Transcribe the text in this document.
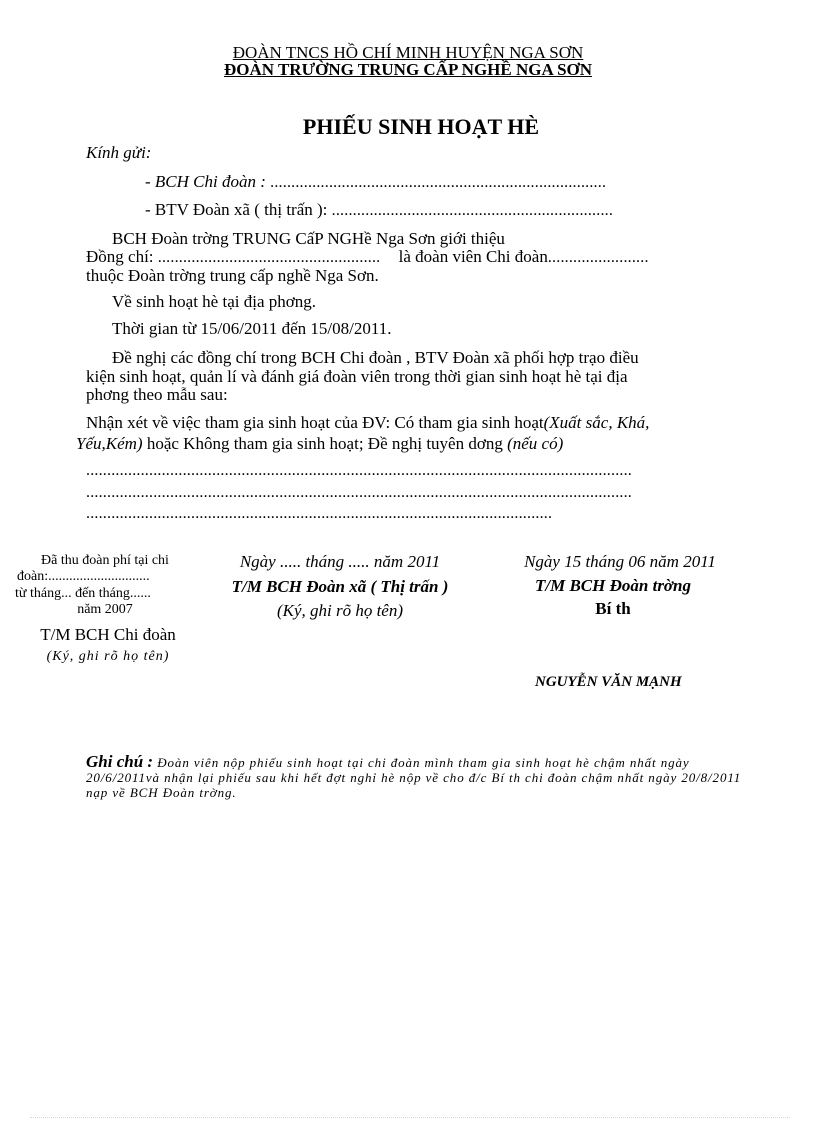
ĐOÀN TNCS HỒ CHÍ MINH HUYỆN NGA SƠN
ĐOÀN TRƯỜNG TRUNG CẤP NGHỀ NGA SƠN
PHIẾU SINH HOẠT HÈ
Kính gửi:
- BCH Chi đoàn : ................................................................................
- BTV Đoàn xã ( thị trấn ): ...................................................................
BCH Đoàn trờng TRUNG CấP NGHề Nga Sơn giới thiệu
Đồng chí: ..................................................... là đoàn viên Chi đoàn........................
thuộc Đoàn trờng trung cấp nghề Nga Sơn.
Về sinh hoạt hè tại địa phơng.
Thời gian từ 15/06/2011 đến 15/08/2011.
Đề nghị các đồng chí trong BCH Chi đoàn , BTV Đoàn xã phối hợp trạo điều
kiện sinh hoạt, quản lí và đánh giá đoàn viên trong thời gian sinh hoạt hè tại địa
phơng theo mẫu sau:
Nhận xét về việc tham gia sinh hoạt của ĐV: Có tham gia sinh hoạt(Xuất sắc, Khá,
Yếu,Kém) hoặc Không tham gia sinh hoạt; Đề nghị tuyên dơng (nếu có)
..................................................................................................................................
..................................................................................................................................
...............................................................................................................
Đã thu đoàn phí tại chi
đoàn:.............................
từ tháng... đến tháng......
năm 2007
T/M BCH Chi đoàn
(Ký, ghi rõ họ tên)
Ngày ..... tháng ..... năm 2011
T/M BCH Đoàn xã ( Thị trấn )
(Ký, ghi rõ họ tên)
Ngày 15 tháng 06 năm 2011
T/M BCH Đoàn trờng
Bí th
NGUYỄN VĂN MẠNH
Ghi chú : Đoàn viên nộp phiếu sinh hoạt tại chi đoàn mình tham gia sinh hoạt hè chậm nhất ngày 20/6/2011và nhận lại phiếu sau khi hết đợt nghỉ hè nộp về cho đ/c Bí th chi đoàn chậm nhất ngày 20/8/2011 nạp về BCH Đoàn trờng.
